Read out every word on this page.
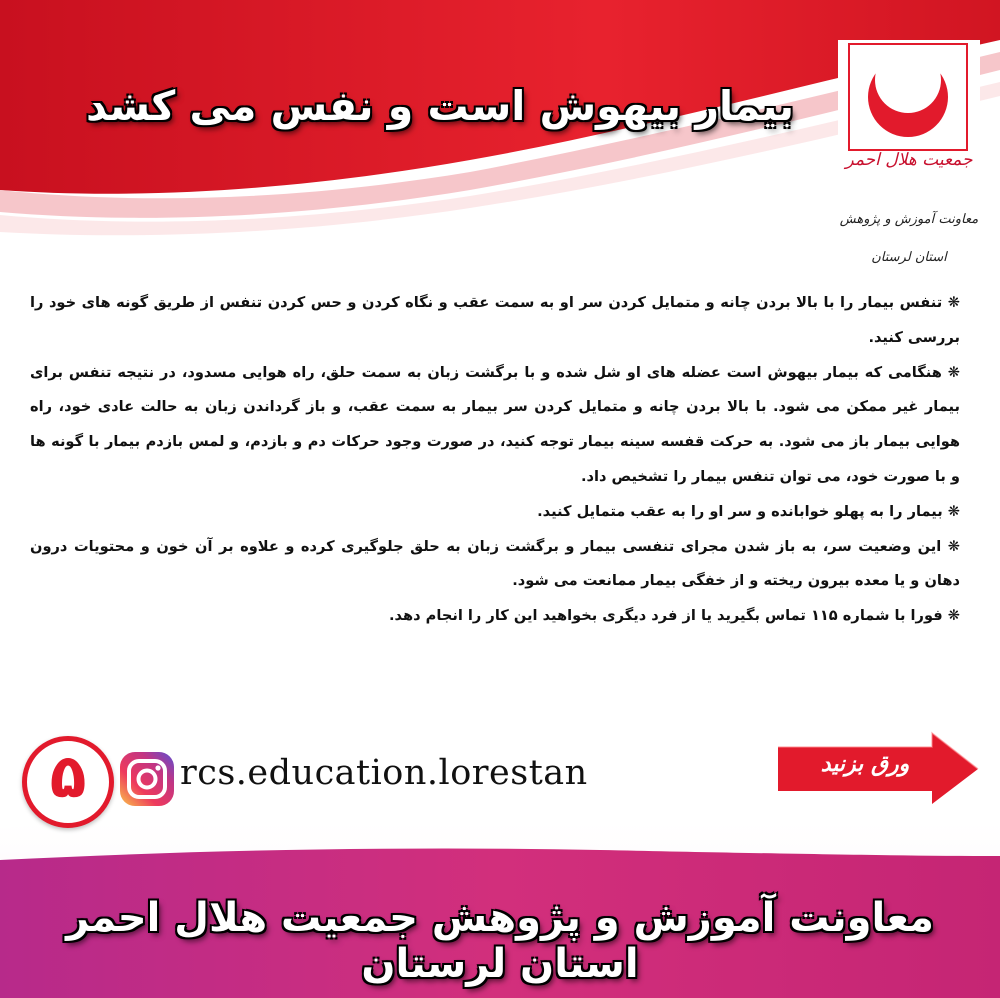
بیمار بیهوش است و نفس می کشد
جمعیت هلال احمر
معاونت آموزش و پژوهش
استان لرستان

❋ تنفس بیمار را با بالا بردن چانه و متمایل کردن سر او به سمت عقب و نگاه کردن و حس کردن تنفس از طریق گونه های خود را بررسی کنید.

❋ هنگامی که بیمار بیهوش است عضله های او شل شده و با برگشت زبان به سمت حلق، راه هوایی مسدود، در نتیجه تنفس برای بیمار غیر ممکن می شود. با بالا بردن چانه و متمایل کردن سر بیمار به سمت عقب، و باز گرداندن زبان به حالت عادی خود، راه هوایی بیمار باز می شود. به حرکت قفسه سینه بیمار توجه کنید، در صورت وجود حرکات دم و بازدم، و لمس بازدم بیمار با گونه ها و با صورت خود، می توان تنفس بیمار را تشخیص داد.

❋ بیمار را به پهلو خوابانده و سر او را به عقب متمایل کنید.

❋ این وضعیت سر، به باز شدن مجرای تنفسی بیمار و برگشت زبان به حلق جلوگیری کرده و علاوه بر آن خون و محتویات درون دهان و یا معده بیرون ریخته و از خفگی بیمار ممانعت می شود.

❋ فورا با شماره ۱۱۵ تماس بگیرید یا از فرد دیگری بخواهید این کار را انجام دهد.

ورق بزنید
۵	rcs.education.lorestan
معاونت آموزش و پژوهش جمعیت هلال احمر استان لرستان
